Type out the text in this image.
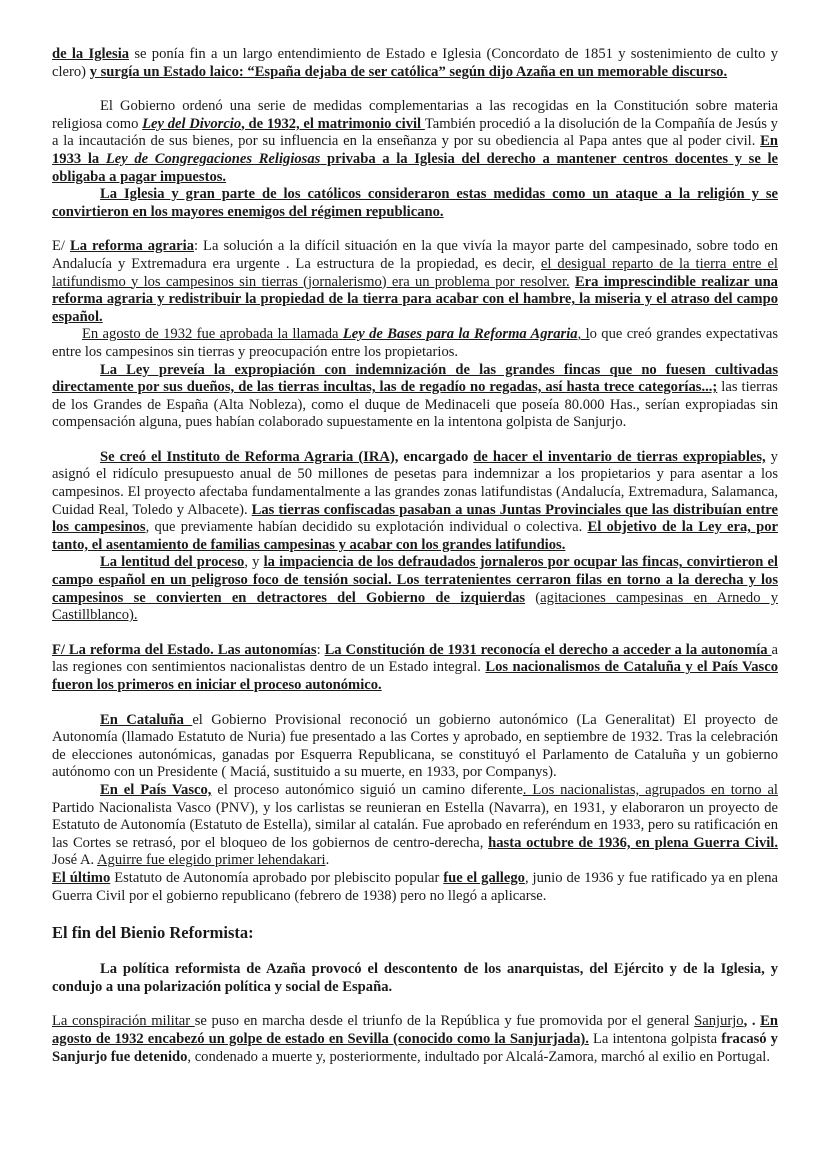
de la Iglesia se ponía fin a un largo entendimiento de Estado e Iglesia (Concordato de 1851 y sostenimiento de culto y clero) y surgía un Estado laico: “España dejaba de ser católica” según dijo Azaña en un memorable discurso.

El Gobierno ordenó una serie de medidas complementarias a las recogidas en la Constitución sobre materia religiosa como Ley del Divorcio, de 1932, el matrimonio civil También procedió a la disolución de la Compañía de Jesús y a la incautación de sus bienes, por su influencia en la enseñanza y por su obediencia al Papa antes que al poder civil. En 1933 la Ley de Congregaciones Religiosas privaba a la Iglesia del derecho a mantener centros docentes y se le obligaba a pagar impuestos.

La Iglesia y gran parte de los católicos consideraron estas medidas como un ataque a la religión y se convirtieron en los mayores enemigos del régimen republicano.

E/ La reforma agraria: La solución a la difícil situación en la que vivía la mayor parte del campesinado, sobre todo en Andalucía y Extremadura era urgente . La estructura de la propiedad, es decir, el desigual reparto de la tierra entre el latifundismo y los campesinos sin tierras (jornalerismo) era un problema por resolver. Era imprescindible realizar una reforma agraria y redistribuir la propiedad de la tierra para acabar con el hambre, la miseria y el atraso del campo español.

En agosto de 1932 fue aprobada la llamada Ley de Bases para la Reforma Agraria, lo que creó grandes expectativas entre los campesinos sin tierras y preocupación entre los propietarios.

La Ley preveía la expropiación con indemnización de las grandes fincas que no fuesen cultivadas directamente por sus dueños, de las tierras incultas, las de regadío no regadas, así hasta trece categorías...; las tierras de los Grandes de España (Alta Nobleza), como el duque de Medinaceli que poseía 80.000 Has., serían expropiadas sin compensación alguna, pues habían colaborado supuestamente en la intentona golpista de Sanjurjo.

Se creó el Instituto de Reforma Agraria (IRA), encargado de hacer el inventario de tierras expropiables, y asignó el ridículo presupuesto anual de 50 millones de pesetas para indemnizar a los propietarios y para asentar a los campesinos. El proyecto afectaba fundamentalmente a las grandes zonas latifundistas (Andalucía, Extremadura, Salamanca, Cuidad Real, Toledo y Albacete). Las tierras confiscadas pasaban a unas Juntas Provinciales que las distribuían entre los campesinos, que previamente habían decidido su explotación individual o colectiva. El objetivo de la Ley era, por tanto, el asentamiento de familias campesinas y acabar con los grandes latifundios.

La lentitud del proceso, y la impaciencia de los defraudados jornaleros por ocupar las fincas, convirtieron el campo español en un peligroso foco de tensión social. Los terratenientes cerraron filas en torno a la derecha y los campesinos se convierten en detractores del Gobierno de izquierdas (agitaciones campesinas en Arnedo y Castillblanco).

F/ La reforma del Estado. Las autonomías: La Constitución de 1931 reconocía el derecho a acceder a la autonomía a las regiones con sentimientos nacionalistas dentro de un Estado integral. Los nacionalismos de Cataluña y el País Vasco fueron los primeros en iniciar el proceso autonómico.

En Cataluña el Gobierno Provisional reconoció un gobierno autonómico (La Generalitat) El proyecto de Autonomía (llamado Estatuto de Nuria) fue presentado a las Cortes y aprobado, en septiembre de 1932. Tras la celebración de elecciones autonómicas, ganadas por Esquerra Republicana, se constituyó el Parlamento de Cataluña y un gobierno autónomo con un Presidente ( Maciá, sustituido a su muerte, en 1933, por Companys).

En el País Vasco, el proceso autonómico siguió un camino diferente. Los nacionalistas, agrupados en torno al Partido Nacionalista Vasco (PNV), y los carlistas se reunieran en Estella (Navarra), en 1931, y elaboraron un proyecto de Estatuto de Autonomía (Estatuto de Estella), similar al catalán. Fue aprobado en referéndum en 1933, pero su ratificación en las Cortes se retrasó, por el bloqueo de los gobiernos de centro-derecha, hasta octubre de 1936, en plena Guerra Civil. José A. Aguirre fue elegido primer lehendakari.

El último Estatuto de Autonomía aprobado por plebiscito popular fue el gallego, junio de 1936 y fue ratificado ya en plena Guerra Civil por el gobierno republicano (febrero de 1938) pero no llegó a aplicarse.

El fin del Bienio Reformista:

La política reformista de Azaña provocó el descontento de los anarquistas, del Ejército y de la Iglesia, y condujo a una polarización política y social de España.

La conspiración militar se puso en marcha desde el triunfo de la República y fue promovida por el general Sanjurjo, . En agosto de 1932 encabezó un golpe de estado en Sevilla (conocido como la Sanjurjada). La intentona golpista fracasó y Sanjurjo fue detenido, condenado a muerte y, posteriormente, indultado por Alcalá-Zamora, marchó al exilio en Portugal.
